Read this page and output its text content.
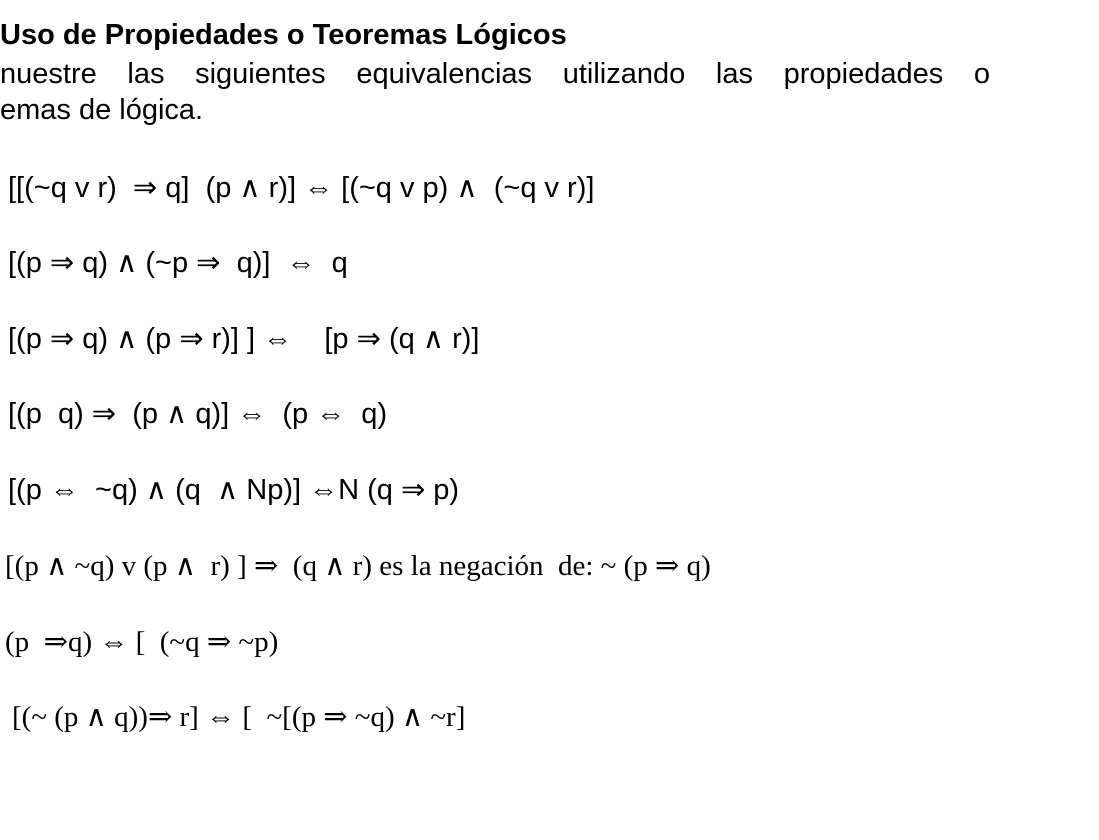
Uso de Propiedades o Teoremas Lógicos
nuestre las siguientes equivalencias utilizando las propiedades o
emas de lógica.
[[(~q v r)  ⇒ q]  (p ∧ r)] ⇔ [(~q v p) ∧  (~q v r)]
[(p ⇒ q) ∧ (~p ⇒  q)]  ⇔  q
[(p ⇒ q) ∧ (p ⇒ r)] ] ⇔    [p ⇒ (q ∧ r)]
[(p  q) ⇒  (p ∧ q)] ⇔  (p ⇔  q)
[(p ⇔  ~q) ∧ (q  ∧ Np)] ⇔N (q ⇒ p)
[(p ∧ ~q) v (p ∧  r) ] ⇒  (q ∧ r) es la negación  de: ~ (p ⇒ q)
(p  ⇒q) ⇔ [  (~q ⇒ ~p)
[(~ (p ∧ q))⇒ r] ⇔ [  ~[(p ⇒ ~q) ∧ ~r]
